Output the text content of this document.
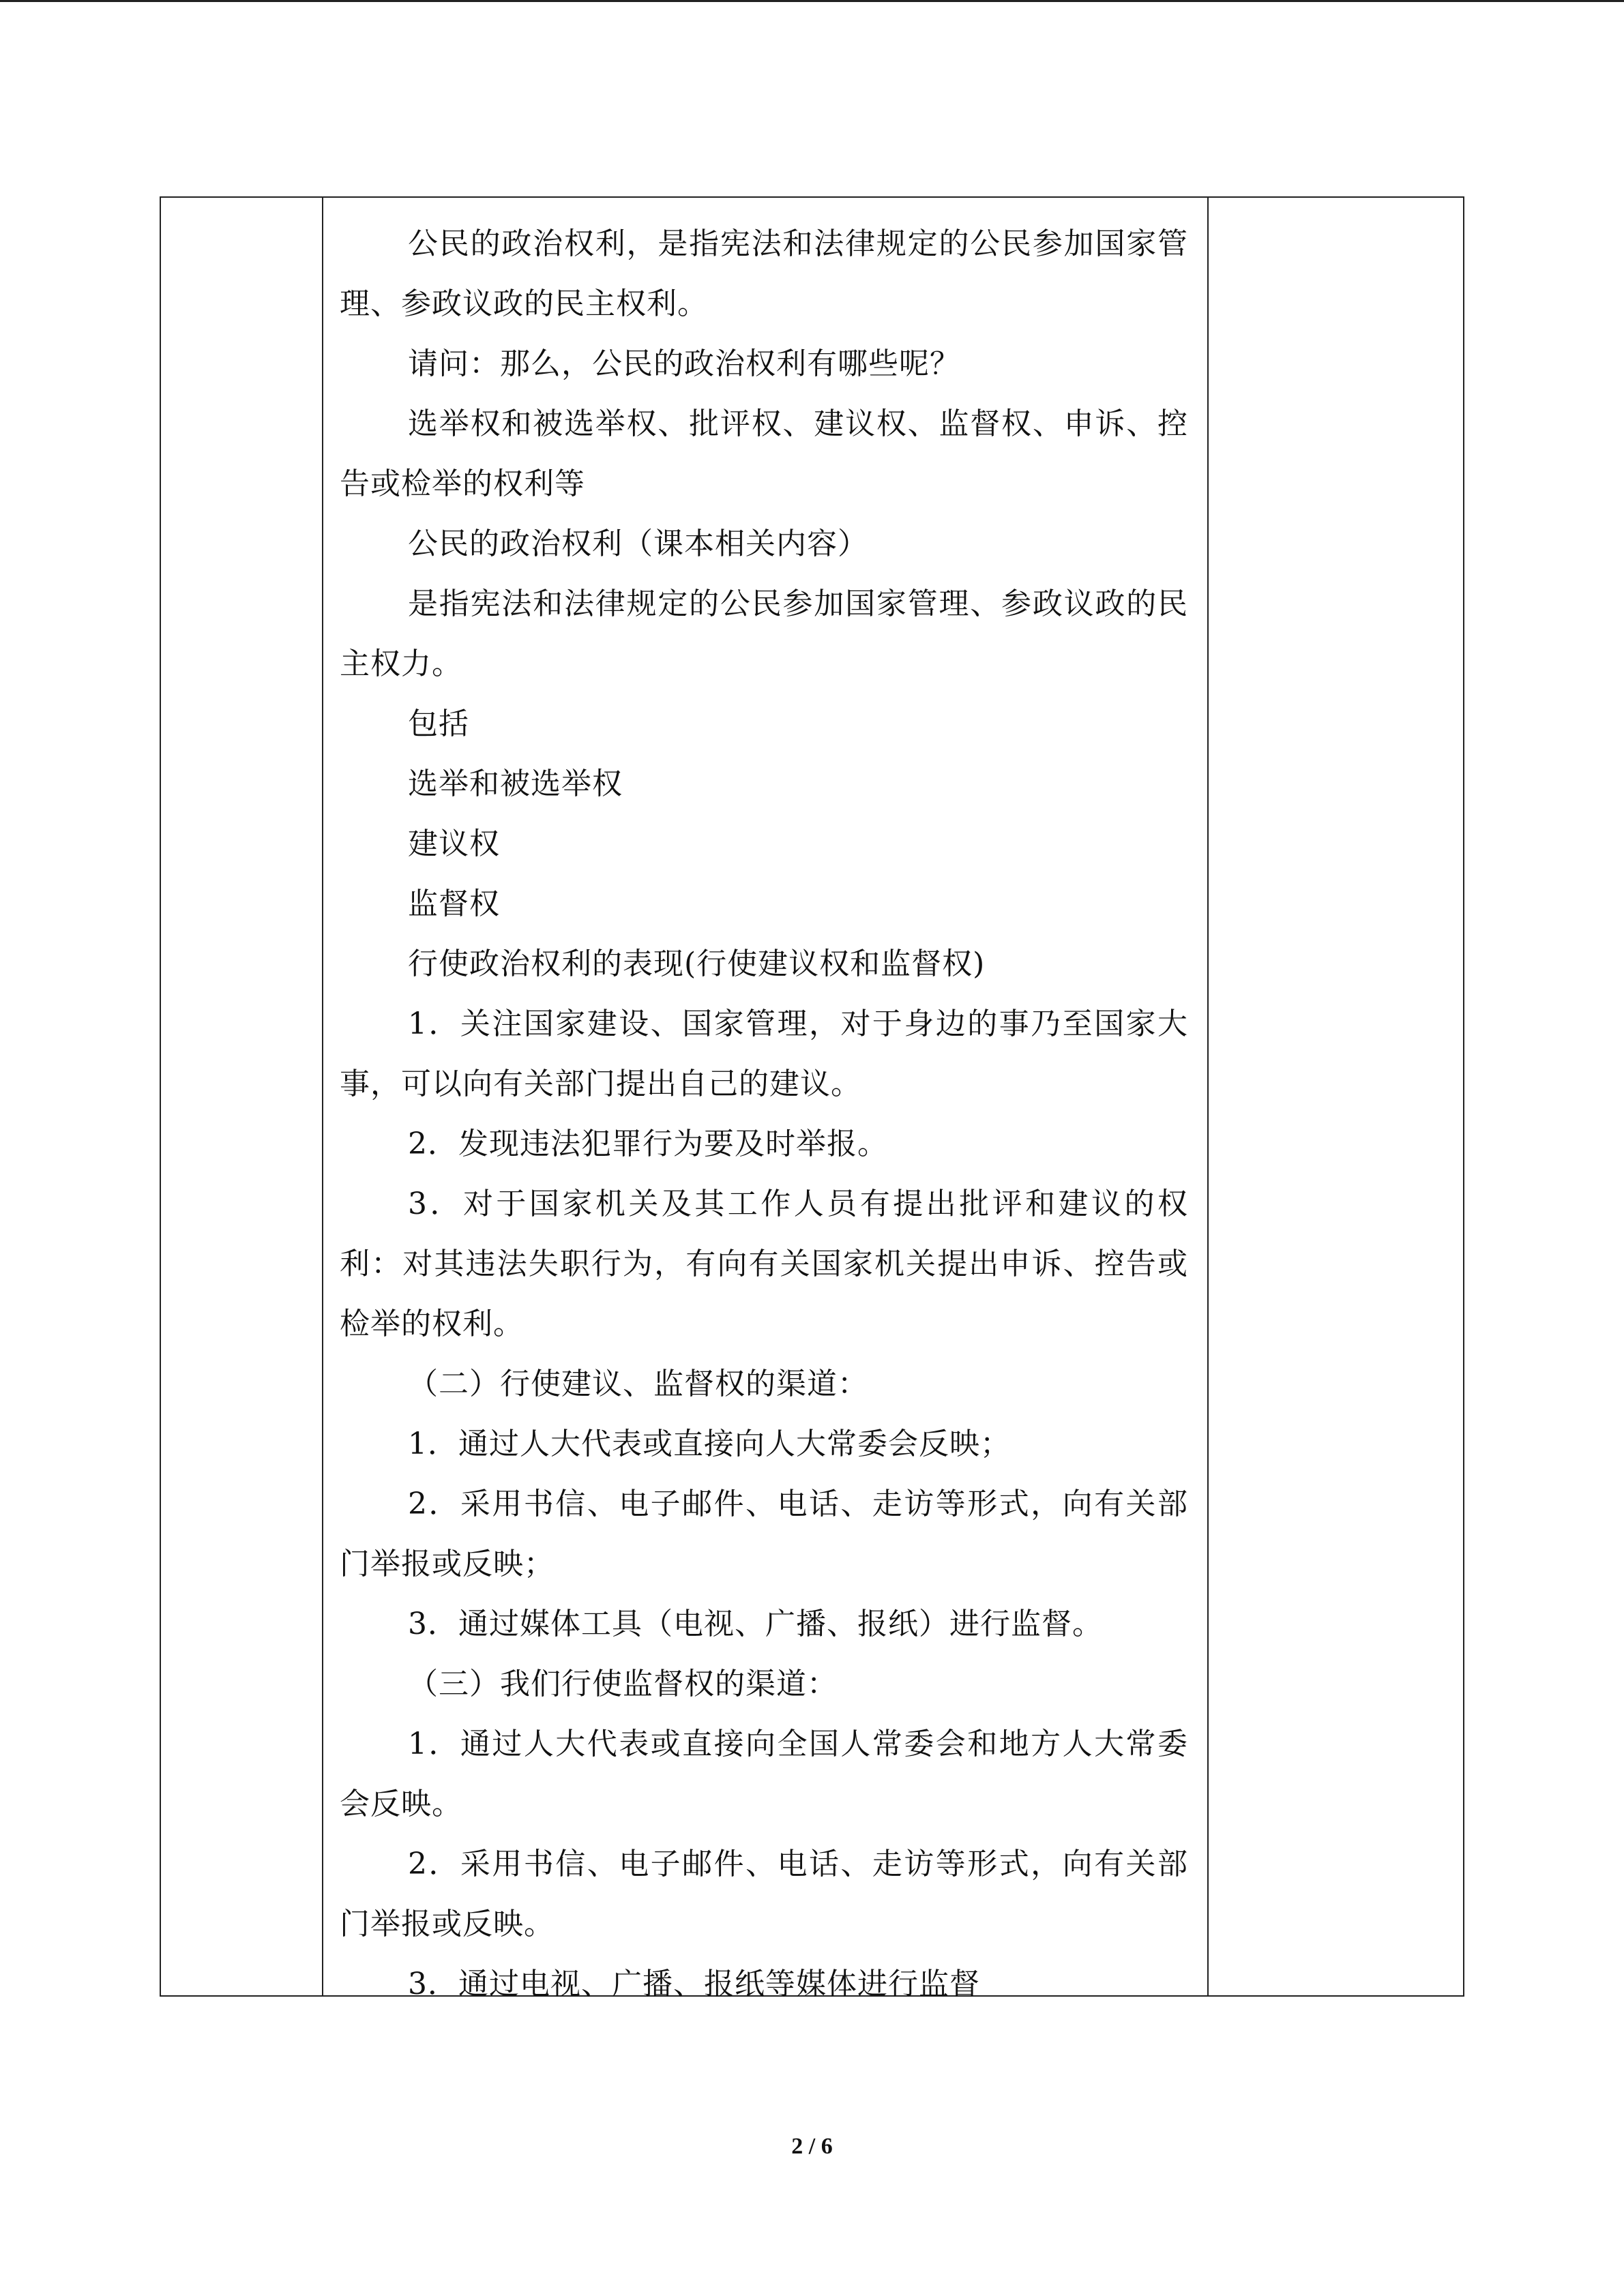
公民的政治权利，是指宪法和法律规定的公民参加国家管理、参政议政的民主权利。

请问：那么，公民的政治权利有哪些呢？

选举权和被选举权、批评权、建议权、监督权、申诉、控告或检举的权利等

公民的政治权利（课本相关内容）

是指宪法和法律规定的公民参加国家管理、参政议政的民主权力。

包括

选举和被选举权

建议权

监督权

行使政治权利的表现(行使建议权和监督权)

1．关注国家建设、国家管理，对于身边的事乃至国家大事，可以向有关部门提出自己的建议。

2．发现违法犯罪行为要及时举报。

3．对于国家机关及其工作人员有提出批评和建议的权利：对其违法失职行为，有向有关国家机关提出申诉、控告或检举的权利。

（二）行使建议、监督权的渠道：

1．通过人大代表或直接向人大常委会反映；

2．采用书信、电子邮件、电话、走访等形式，向有关部门举报或反映；

3．通过媒体工具（电视、广播、报纸）进行监督。

（三）我们行使监督权的渠道：

1．通过人大代表或直接向全国人常委会和地方人大常委会反映。

2．采用书信、电子邮件、电话、走访等形式，向有关部门举报或反映。

3．通过电视、广播、报纸等媒体进行监督

2 / 6
